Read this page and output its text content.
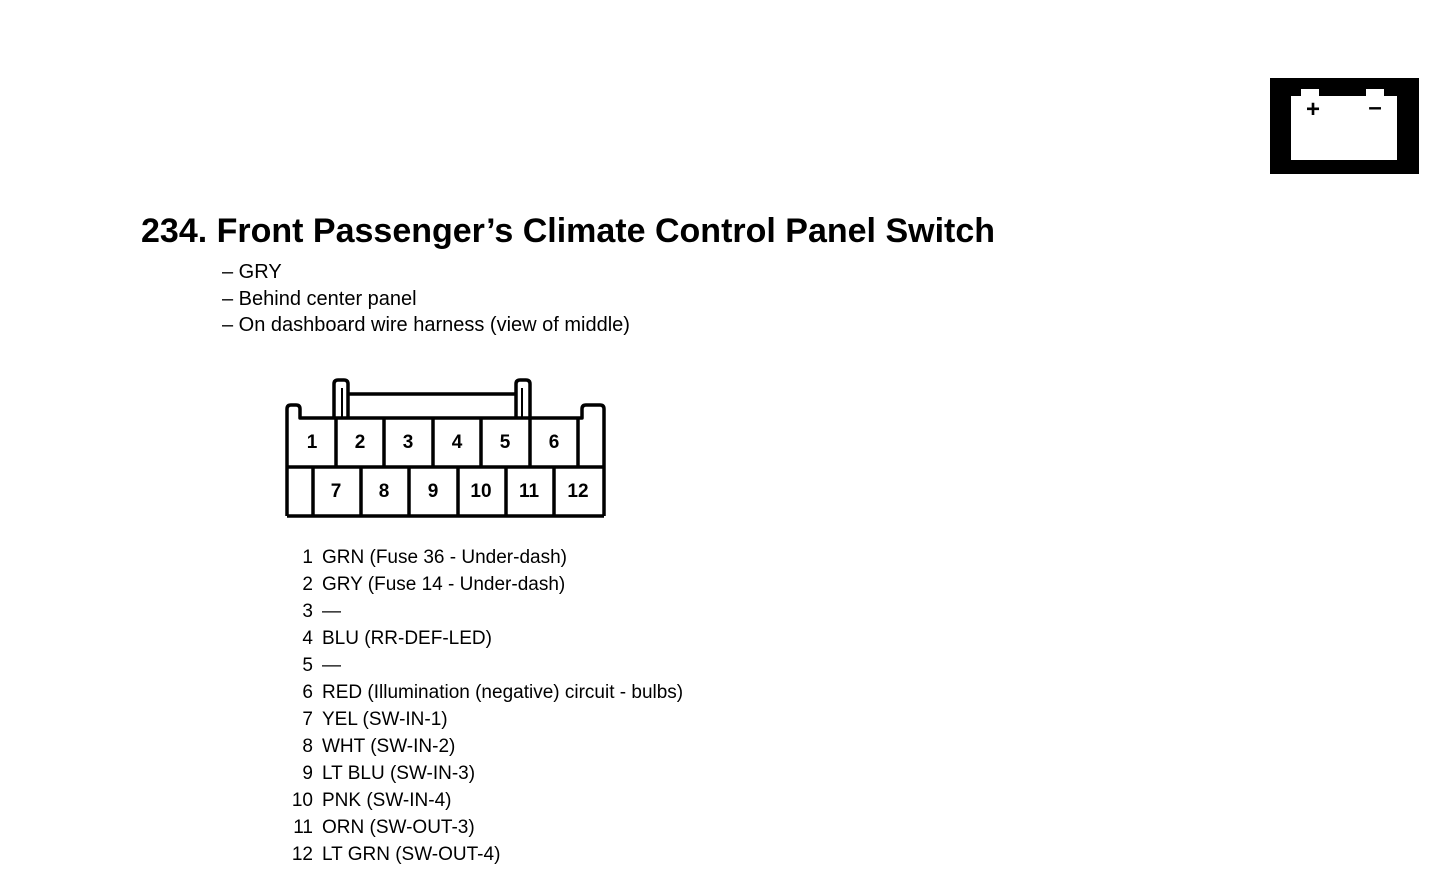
+ –
234. Front Passenger’s Climate Control Panel Switch
– GRY
– Behind center panel
– On dashboard wire harness (view of middle)
1 2 3 4 5 6
7 8 9 10 11 12
1 GRN (Fuse 36 - Under-dash)
2 GRY (Fuse 14 - Under-dash)
3 —
4 BLU (RR-DEF-LED)
5 —
6 RED (Illumination (negative) circuit - bulbs)
7 YEL (SW-IN-1)
8 WHT (SW-IN-2)
9 LT BLU (SW-IN-3)
10 PNK (SW-IN-4)
11 ORN (SW-OUT-3)
12 LT GRN (SW-OUT-4)
